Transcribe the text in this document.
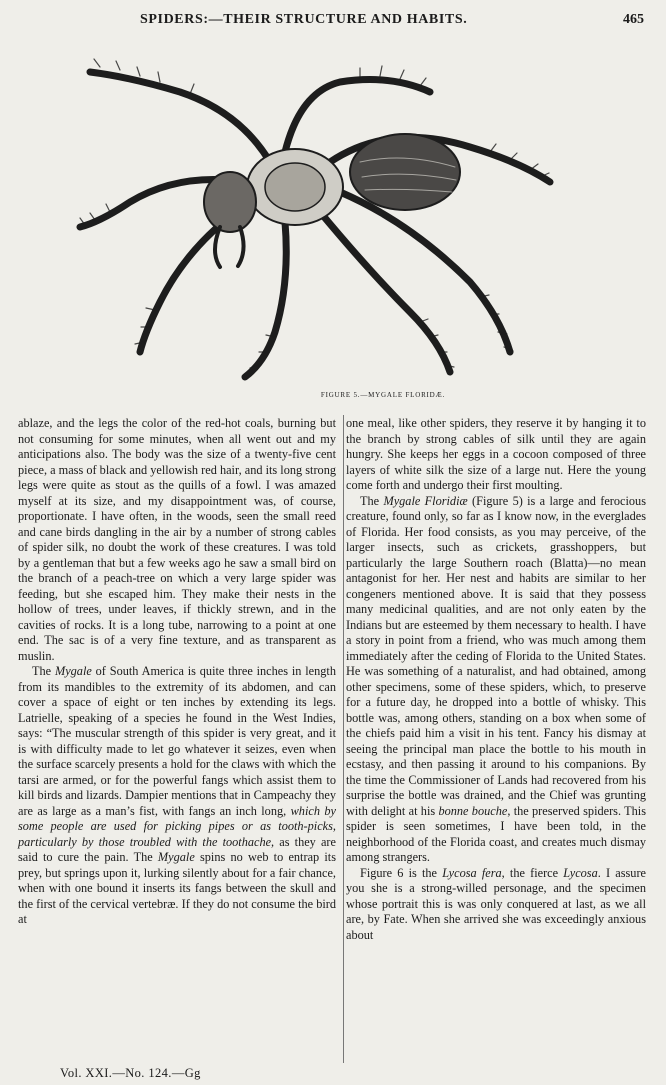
SPIDERS:—THEIR STRUCTURE AND HABITS.	465
FIGURE 5.—MYGALE FLORIDÆ.

ablaze, and the legs the color of the red-hot coals, burning but not consuming for some minutes, when all went out and my anticipations also. The body was the size of a twenty-five cent piece, a mass of black and yellowish red hair, and its long strong legs were quite as stout as the quills of a fowl. I was amazed myself at its size, and my disappointment was, of course, proportionate. I have often, in the woods, seen the small reed and cane birds dangling in the air by a number of strong cables of spider silk, no doubt the work of these creatures. I was told by a gentleman that but a few weeks ago he saw a small bird on the branch of a peach-tree on which a very large spider was feeding, but she escaped him. They make their nests in the hollow of trees, under leaves, if thickly strewn, and in the cavities of rocks. It is a long tube, narrowing to a point at one end. The sac is of a very fine texture, and as transparent as muslin.

The Mygale of South America is quite three inches in length from its mandibles to the extremity of its abdomen, and can cover a space of eight or ten inches by extending its legs. Latrielle, speaking of a species he found in the West Indies, says: “The muscular strength of this spider is very great, and it is with difficulty made to let go whatever it seizes, even when the surface scarcely presents a hold for the claws with which the tarsi are armed, or for the powerful fangs which assist them to kill birds and lizards. Dampier mentions that in Campeachy they are as large as a man’s fist, with fangs an inch long, which by some people are used for picking pipes or as tooth-picks, particularly by those troubled with the toothache, as they are said to cure the pain. The Mygale spins no web to entrap its prey, but springs upon it, lurking silently about for a fair chance, when with one bound it inserts its fangs between the skull and the first of the cervical vertebræ. If they do not consume the bird at

one meal, like other spiders, they reserve it by hanging it to the branch by strong cables of silk until they are again hungry. She keeps her eggs in a cocoon composed of three layers of white silk the size of a large nut. Here the young come forth and undergo their first moulting.

The Mygale Floridiæ (Figure 5) is a large and ferocious creature, found only, so far as I know now, in the everglades of Florida. Her food consists, as you may perceive, of the larger insects, such as crickets, grasshoppers, but particularly the large Southern roach (Blatta)—no mean antagonist for her. Her nest and habits are similar to her congeners mentioned above. It is said that they possess many medicinal qualities, and are not only eaten by the Indians but are esteemed by them necessary to health. I have a story in point from a friend, who was much among them immediately after the ceding of Florida to the United States. He was something of a naturalist, and had obtained, among other specimens, some of these spiders, which, to preserve for a future day, he dropped into a bottle of whisky. This bottle was, among others, standing on a box when some of the chiefs paid him a visit in his tent. Fancy his dismay at seeing the principal man place the bottle to his mouth in ecstasy, and then passing it around to his companions. By the time the Commissioner of Lands had recovered from his surprise the bottle was drained, and the Chief was grunting with delight at his bonne bouche, the preserved spiders. This spider is seen sometimes, I have been told, in the neighborhood of the Florida coast, and creates much dismay among strangers.

Figure 6 is the Lycosa fera, the fierce Lycosa. I assure you she is a strong-willed personage, and the specimen whose portrait this is was only conquered at last, as we all are, by Fate. When she arrived she was exceedingly anxious about

Vol. XXI.—No. 124.—Gg
